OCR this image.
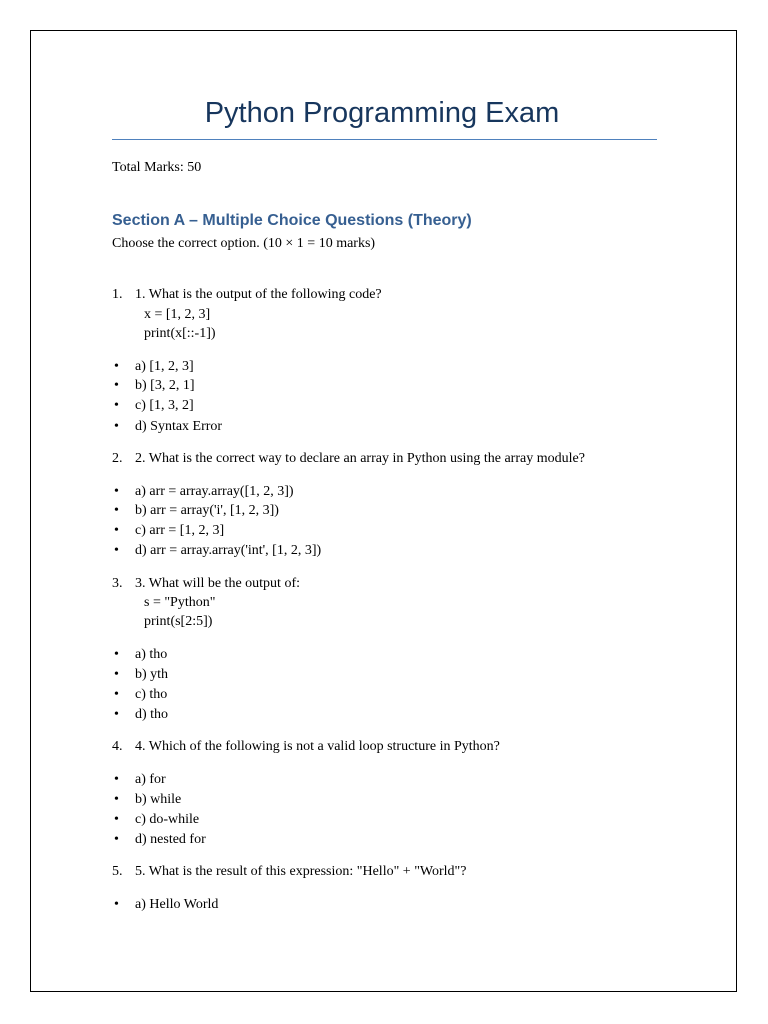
Python Programming Exam
Total Marks: 50
Section A – Multiple Choice Questions (Theory)
Choose the correct option. (10 × 1 = 10 marks)
1. 1. What is the output of the following code?
x = [1, 2, 3]
print(x[::-1])
• a) [1, 2, 3]
• b) [3, 2, 1]
• c) [1, 3, 2]
• d) Syntax Error
2. 2. What is the correct way to declare an array in Python using the array module?
• a) arr = array.array([1, 2, 3])
• b) arr = array('i', [1, 2, 3])
• c) arr = [1, 2, 3]
• d) arr = array.array('int', [1, 2, 3])
3. 3. What will be the output of:
s = "Python"
print(s[2:5])
• a) tho
• b) yth
• c) tho
• d) tho
4. 4. Which of the following is not a valid loop structure in Python?
• a) for
• b) while
• c) do-while
• d) nested for
5. 5. What is the result of this expression: "Hello" + "World"?
• a) Hello World
